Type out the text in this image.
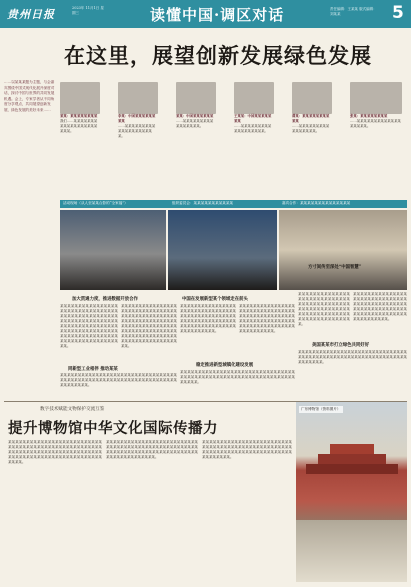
贵州日报	2023年 11月1日 星期三	读懂中国·调区对话	责任编辑：王某某 版式编辑：刘某某	5
在这里，展望创新发展绿色发展
……以某某某题为主题，与会嘉宾围绕中国式现代化展开深度对话，探讨中国与世界的共同发展机遇。会上，专家学者从不同角度分享观点，共同展望创新发展、绿色发展的美好未来……
某某：某某某某某某某某
我们……某某某某某某某某某某某某某某某某某某某某某。
李某：中国某某某某某某某某
……某某某某某某某某某某某某某某某某某某某某。
某某：中国某某某某某某
……某某某某某某某某某某某某某某某某。
王某某：中国某某某某某某某
……某某某某某某某某某某某某某某某某某某。
谭某：某某某某某某某某某某
……某某某某某某某某某某某某某某某某。
张某：某某某某某某某某
……某某某某某某某某某某某某某某某某某某。
活动现场（从人至某某合影的“全家福”）	组织委员会：某某某某某某某某某某某	嘉宾合作：某某某某某某某某某某某某某某
加大贯通力度，推进数据开放合作
某某某某某某某某某某某某某某某某某某某某某某某某某某某某某某某某某某某某某某某某某某某某某某某某某某某某某某某某某某某某某某某某某某某某某某某某某某某某某某某某某某某某某某某某某某某某某某某某某某某某某某某某某某某某某某某某某某某某某某某某某某某某某某某某某某。
某某某某某某某某某某某某某某某某某某某某某某某某某某某某某某某某某某某某某某某某某某某某某某某某某某某某某某某某某某某某某某某某某某某某某某某某某某某某某某某某某某某某某某某某某某某某某某某某某某某某某某某某某某某某某某某某某某某某某某某某某某某某某某某某某某。
同新型工业相伴 推动某某
某某某某某某某某某某某某某某某某某某某某某某某某某某某某某某某某某某某某某某某某某某某某某某某某某某某某某某某某某某某某某某某某某某某某某某某某某某。
中国在发展新型某个领域走在前头
某某某某某某某某某某某某某某某某某某某某某某某某某某某某某某某某某某某某某某某某某某某某某某某某某某某某某某某某某某某某某某某某某某某某某某某某某某某某某某某某某某某某某某某某某某。
某某某某某某某某某某某某某某某某某某某某某某某某某某某某某某某某某某某某某某某某某某某某某某某某某某某某某某某某某某某某某某某某某某某某某某某某某某某某某某某某某某某某某某某某某某。
稳定推进新型城镇化建设发展
某某某某某某某某某某某某某某某某某某某某某某某某某某某某某某某某某某某某某某某某某某某某某某某某某某某某某某某某某某某某某某某某某某某某某。
方寸间传至深处“中国智慧”
某某某某某某某某某某某某某某某某某某某某某某某某某某某某某某某某某某某某某某某某某某某某某某某某某某某某某某某某某某某某某某某某某某某某某某某某某某某某某某某某某某某某某。
某某某某某某某某某某某某某某某某某某某某某某某某某某某某某某某某某某某某某某某某某某某某某某某某某某某某某某某某某某某某某某某某某某某某某某某某某某某某某某某某某某某某某。
美国某某市打立绿色共同好好
某某某某某某某某某某某某某某某某某某某某某某某某某某某某某某某某某某某某某某某某某某某某某某某某某某某某某某某某某某某某某某某某某某某某某。
数字技术赋能文物保护交流互鉴
提升博物馆中华文化国际传播力
某某某某某某某某某某某某某某某某某某某某某某某某某某某某某某某某某某某某某某某某某某某某某某某某某某某某某某某某某某某某某某某某某某某某某某某某某某某某某某某某某某某某某某某某某某某某某某某某某某某某某某某某某某某某。
某某某某某某某某某某某某某某某某某某某某某某某某某某某某某某某某某某某某某某某某某某某某某某某某某某某某某某某某某某某某某某某某某某某某某某某某某某某某某某某某某某某某某某某某某某某某。
某某某某某某某某某某某某某某某某某某某某某某某某某某某某某某某某某某某某某某某某某某某某某某某某某某某某某某某某某某某某某某某某某某某某某某某某某某某某某某某某某某某。
广东博物馆（资料图片）
